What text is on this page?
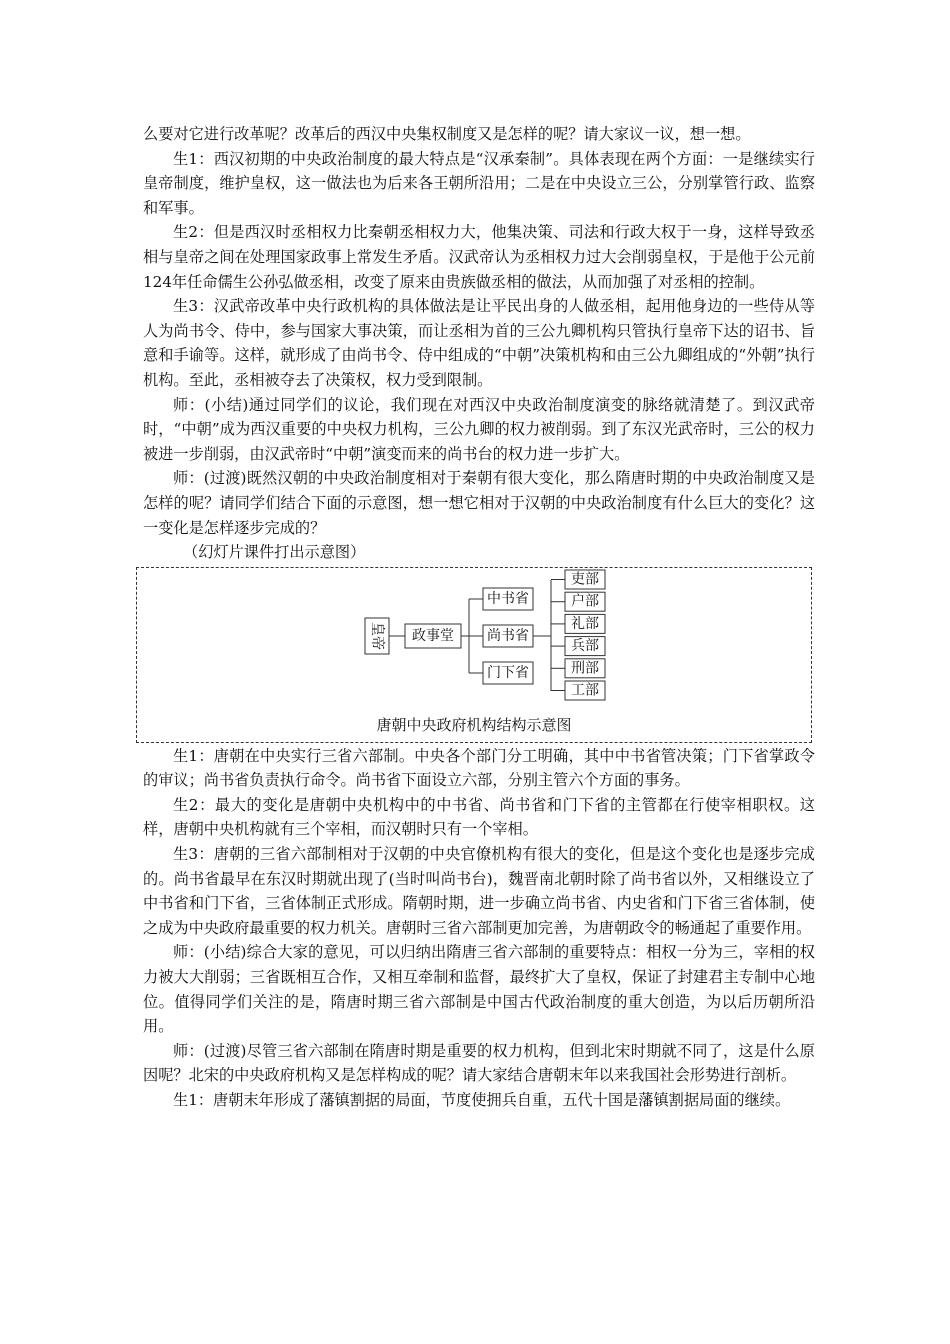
么要对它进行改革呢？改革后的西汉中央集权制度又是怎样的呢？请大家议一议，想一想。

生1：西汉初期的中央政治制度的最大特点是“汉承秦制”。具体表现在两个方面：一是继续实行皇帝制度，维护皇权，这一做法也为后来各王朝所沿用；二是在中央设立三公，分别掌管行政、监察和军事。

生2：但是西汉时丞相权力比秦朝丞相权力大，他集决策、司法和行政大权于一身，这样导致丞相与皇帝之间在处理国家政事上常发生矛盾。汉武帝认为丞相权力过大会削弱皇权，于是他于公元前124年任命儒生公孙弘做丞相，改变了原来由贵族做丞相的做法，从而加强了对丞相的控制。

生3：汉武帝改革中央行政机构的具体做法是让平民出身的人做丞相，起用他身边的一些侍从等人为尚书令、侍中，参与国家大事决策，而让丞相为首的三公九卿机构只管执行皇帝下达的诏书、旨意和手谕等。这样，就形成了由尚书令、侍中组成的“中朝”决策机构和由三公九卿组成的“外朝”执行机构。至此，丞相被夺去了决策权，权力受到限制。

师：(小结)通过同学们的议论，我们现在对西汉中央政治制度演变的脉络就清楚了。到汉武帝时，“中朝”成为西汉重要的中央权力机构，三公九卿的权力被削弱。到了东汉光武帝时，三公的权力被进一步削弱，由汉武帝时“中朝”演变而来的尚书台的权力进一步扩大。

师：(过渡)既然汉朝的中央政治制度相对于秦朝有很大变化，那么隋唐时期的中央政治制度又是怎样的呢？请同学们结合下面的示意图，想一想它相对于汉朝的中央政治制度有什么巨大的变化？这一变化是怎样逐步完成的？

（幻灯片课件打出示意图）

皇帝 政事堂
中书省
尚书省
门下省
吏部
户部
礼部
兵部
刑部
工部
唐朝中央政府机构结构示意图

生1：唐朝在中央实行三省六部制。中央各个部门分工明确，其中中书省管决策；门下省掌政令的审议；尚书省负责执行命令。尚书省下面设立六部，分别主管六个方面的事务。

生2：最大的变化是唐朝中央机构中的中书省、尚书省和门下省的主管都在行使宰相职权。这样，唐朝中央机构就有三个宰相，而汉朝时只有一个宰相。

生3：唐朝的三省六部制相对于汉朝的中央官僚机构有很大的变化，但是这个变化也是逐步完成的。尚书省最早在东汉时期就出现了(当时叫尚书台)，魏晋南北朝时除了尚书省以外，又相继设立了中书省和门下省，三省体制正式形成。隋朝时期，进一步确立尚书省、内史省和门下省三省体制，使之成为中央政府最重要的权力机关。唐朝时三省六部制更加完善，为唐朝政令的畅通起了重要作用。

师：(小结)综合大家的意见，可以归纳出隋唐三省六部制的重要特点：相权一分为三，宰相的权力被大大削弱；三省既相互合作，又相互牵制和监督，最终扩大了皇权，保证了封建君主专制中心地位。值得同学们关注的是，隋唐时期三省六部制是中国古代政治制度的重大创造，为以后历朝所沿用。

师：(过渡)尽管三省六部制在隋唐时期是重要的权力机构，但到北宋时期就不同了，这是什么原因呢？北宋的中央政府机构又是怎样构成的呢？请大家结合唐朝末年以来我国社会形势进行剖析。

生1：唐朝末年形成了藩镇割据的局面，节度使拥兵自重，五代十国是藩镇割据局面的继续。
